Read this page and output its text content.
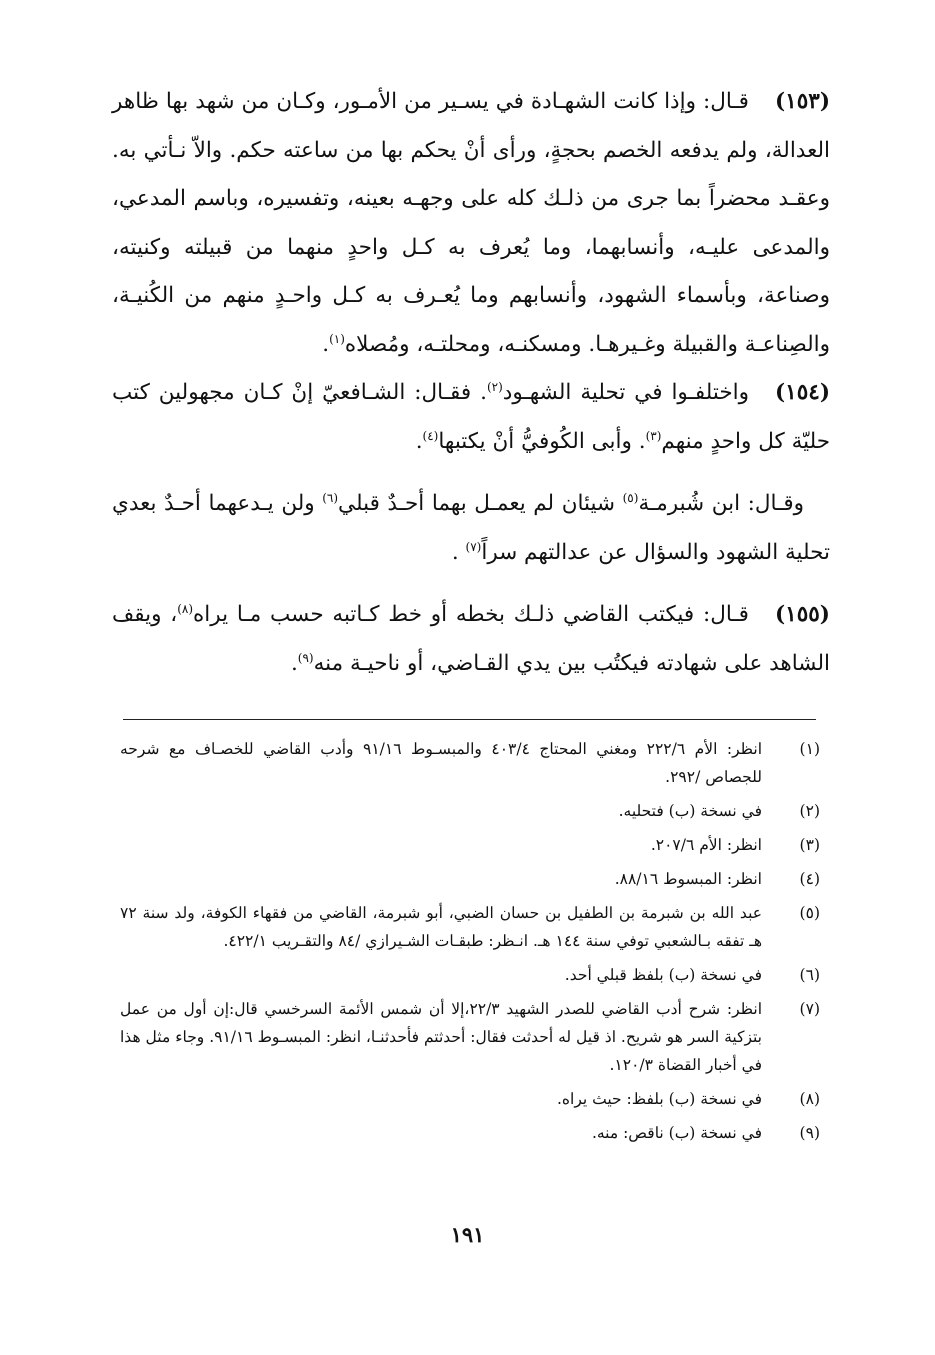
(١٥٣)قـال: وإذا كانت الشهـادة في يسـير من الأمـور، وكـان من شهد بها ظاهر العدالة، ولم يدفعه الخصم بحجةٍ، ورأى أنْ يحكم بها من ساعته حكم. والاّ نـأتي به. وعقـد محضراً بما جرى من ذلـك كله على وجهـه بعينه، وتفسيره، وباسم المدعي، والمدعى عليـه، وأنسابهما، وما يُعرف به كـل واحدٍ منهما من قبيلته وكنيته، وصناعة، وبأسماء الشهود، وأنسابهم وما يُعـرف به كـل واحـدٍ منهم من الكُنيـة، والصِناعـة والقبيلة وغـيرهـا. ومسكنـه، ومحلتـه، ومُصلاه$^{(١)}$.

(١٥٤)واختلفـوا في تحلية الشهـود$^{(٢)}$. فقـال: الشـافعيّ إنْ كـان مجهولين كتب حليّة كل واحدٍ منهم$^{(٣)}$. وأبى الكُوفيُّ أنْ يكتبها$^{(٤)}$.

وقـال: ابن شُبرمـة$^{(٥)}$ شيئان لم يعمـل بهما أحـدٌ قبلي$^{(٦)}$ ولن يـدعهما أحـدٌ بعدي تحلية الشهود والسؤال عن عدالتهم سراً$^{(٧)}$ .

(١٥٥)قـال: فيكتب القاضي ذلـك بخطه أو خط كـاتبه حسب مـا يراه$^{(٨)}$، ويقف الشاهد على شهادته فيكتُب بين يدي القـاضي، أو ناحيـة منه$^{(٩)}$.

(١)
انظر: الأم ٢٢٢/٦ ومغني المحتاج ٤٠٣/٤ والمبسـوط ٩١/١٦ وأدب القاضي للخصـاف مع شرحه للجصاص /٢٩٢.
(٢)
في نسخة (ب) فتحليه.
(٣)
انظر: الأم ٢٠٧/٦.
(٤)
انظر: المبسوط ٨٨/١٦.
(٥)
عبد الله بن شبرمة بن الطفيل بن حسان الضبي، أبو شبرمة، القاضي من فقهاء الكوفة، ولد سنة ٧٢ هـ تفقه بـالشعبي توفي سنة ١٤٤ هـ. انـظر: طبقـات الشـيرازي /٨٤ والتقـريب ٤٢٢/١.
(٦)
في نسخة (ب) بلفظ قبلي أحد.
(٧)
انظر: شرح أدب القاضي للصدر الشهيد ٢٢/٣،إلا أن شمس الأئمة السرخسي قال:إن أول من عمل بتزكية السر هو شريح. اذ قيل له أحدثت فقال: أحدثتم فأحدثنـا، انظر: المبسـوط ٩١/١٦. وجاء مثل هذا في أخبار القضاة ١٢٠/٣.
(٨)
في نسخة (ب) بلفظ: حيث يراه.
(٩)
في نسخة (ب) ناقص: منه.
١٩١
